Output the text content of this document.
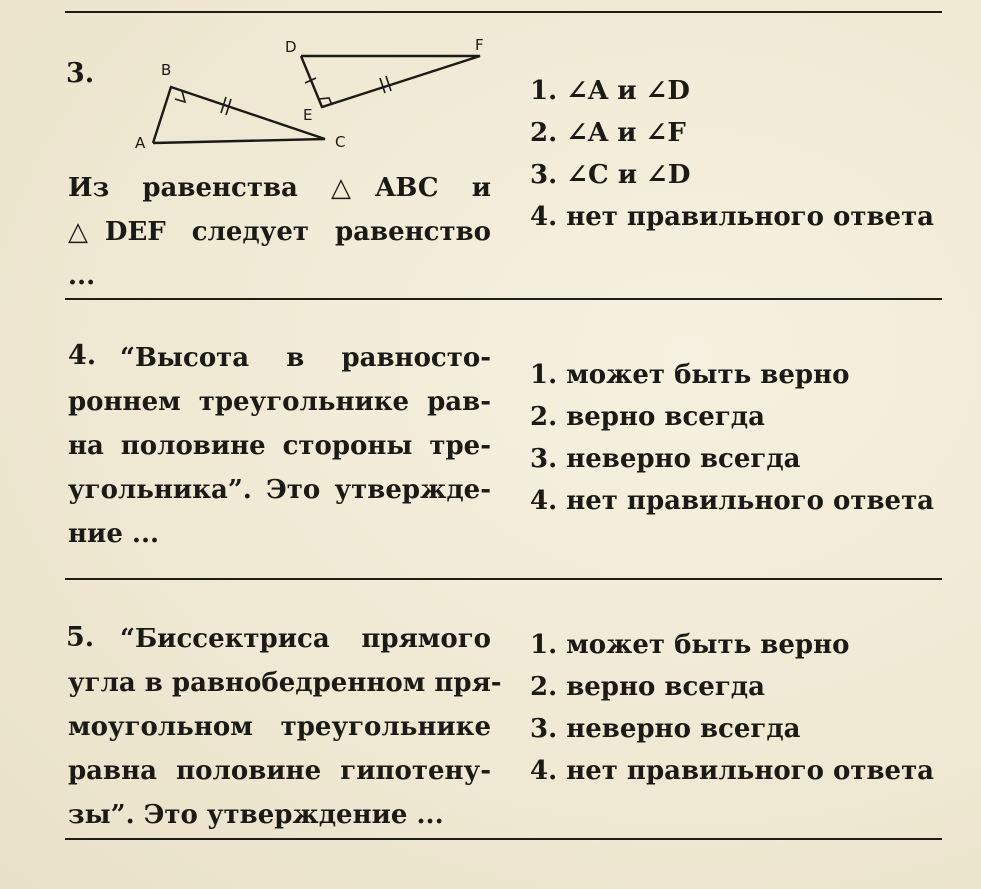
3.
A
B
C
D
E
F
Из равенства △ABC и
△DEF следует равенство
...
1. ∠A и ∠D
2. ∠A и ∠F
3. ∠C и ∠D
4. нет правильного ответа
4. “Высота в равносто-
роннем треугольнике рав-
на половине стороны тре-
угольника”. Это утвержде-
ние ...
1. может быть верно
2. верно всегда
3. неверно всегда
4. нет правильного ответа
5. “Биссектриса прямого
угла в равнобедренном пря-
моугольном треугольнике
равна половине гипотену-
зы”. Это утверждение ...
1. может быть верно
2. верно всегда
3. неверно всегда
4. нет правильного ответа
